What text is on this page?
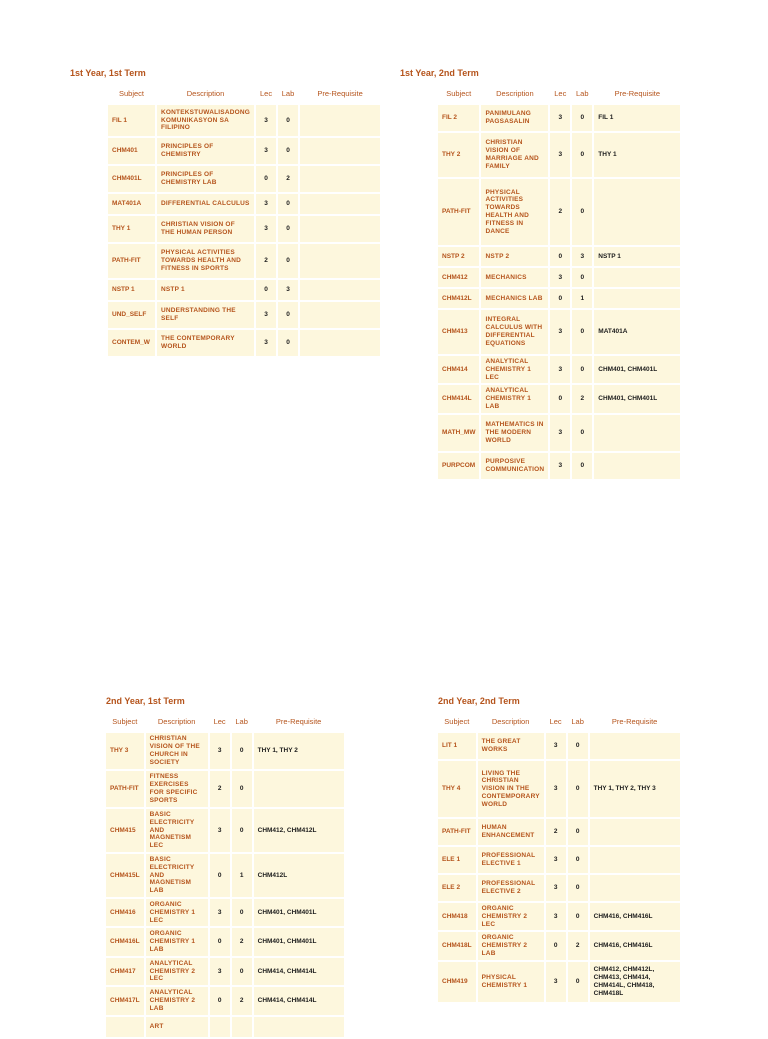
1st Year, 1st Term
Subject	Description	Lec	Lab	Pre-Requisite
FIL 1	KONTEKSTUWALISADONG KOMUNIKASYON SA FILIPINO	3	0	
CHM401	PRINCIPLES OF CHEMISTRY	3	0	
CHM401L	PRINCIPLES OF CHEMISTRY LAB	0	2	
MAT401A	DIFFERENTIAL CALCULUS	3	0	
THY 1	CHRISTIAN VISION OF THE HUMAN PERSON	3	0	
PATH-FIT	PHYSICAL ACTIVITIES TOWARDS HEALTH AND FITNESS IN SPORTS	2	0	
NSTP 1	NSTP 1	0	3	
UND_SELF	UNDERSTANDING THE SELF	3	0	
CONTEM_W	THE CONTEMPORARY WORLD	3	0	
1st Year, 2nd Term
Subject	Description	Lec	Lab	Pre-Requisite
FIL 2	PANIMULANG PAGSASALIN	3	0	FIL 1
THY 2	CHRISTIAN VISION OF MARRIAGE AND FAMILY	3	0	THY 1
PATH-FIT	PHYSICAL ACTIVITIES TOWARDS HEALTH AND FITNESS IN DANCE	2	0	
NSTP 2	NSTP 2	0	3	NSTP 1
CHM412	MECHANICS	3	0	
CHM412L	MECHANICS LAB	0	1	
CHM413	INTEGRAL CALCULUS WITH DIFFERENTIAL EQUATIONS	3	0	MAT401A
CHM414	ANALYTICAL CHEMISTRY 1 LEC	3	0	CHM401, CHM401L
CHM414L	ANALYTICAL CHEMISTRY 1 LAB	0	2	CHM401, CHM401L
MATH_MW	MATHEMATICS IN THE MODERN WORLD	3	0	
PURPCOM	PURPOSIVE COMMUNICATION	3	0	
2nd Year, 1st Term
Subject	Description	Lec	Lab	Pre-Requisite
THY 3	CHRISTIAN VISION OF THE CHURCH IN SOCIETY	3	0	THY 1, THY 2
PATH-FIT	FITNESS EXERCISES FOR SPECIFIC SPORTS	2	0	
CHM415	BASIC ELECTRICITY AND MAGNETISM LEC	3	0	CHM412, CHM412L
CHM415L	BASIC ELECTRICITY AND MAGNETISM LAB	0	1	CHM412L
CHM416	ORGANIC CHEMISTRY 1 LEC	3	0	CHM401, CHM401L
CHM416L	ORGANIC CHEMISTRY 1 LAB	0	2	CHM401, CHM401L
CHM417	ANALYTICAL CHEMISTRY 2 LEC	3	0	CHM414, CHM414L
CHM417L	ANALYTICAL CHEMISTRY 2 LAB	0	2	CHM414, CHM414L
	ART			
2nd Year, 2nd Term
Subject	Description	Lec	Lab	Pre-Requisite
LIT 1	THE GREAT WORKS	3	0	
THY 4	LIVING THE CHRISTIAN VISION IN THE CONTEMPORARY WORLD	3	0	THY 1, THY 2, THY 3
PATH-FIT	HUMAN ENHANCEMENT	2	0	
ELE 1	PROFESSIONAL ELECTIVE 1	3	0	
ELE 2	PROFESSIONAL ELECTIVE 2	3	0	
CHM418	ORGANIC CHEMISTRY 2 LEC	3	0	CHM416, CHM416L
CHM418L	ORGANIC CHEMISTRY 2 LAB	0	2	CHM416, CHM416L
CHM419	PHYSICAL CHEMISTRY 1	3	0	CHM412, CHM412L, CHM413, CHM414, CHM414L, CHM418, CHM418L
